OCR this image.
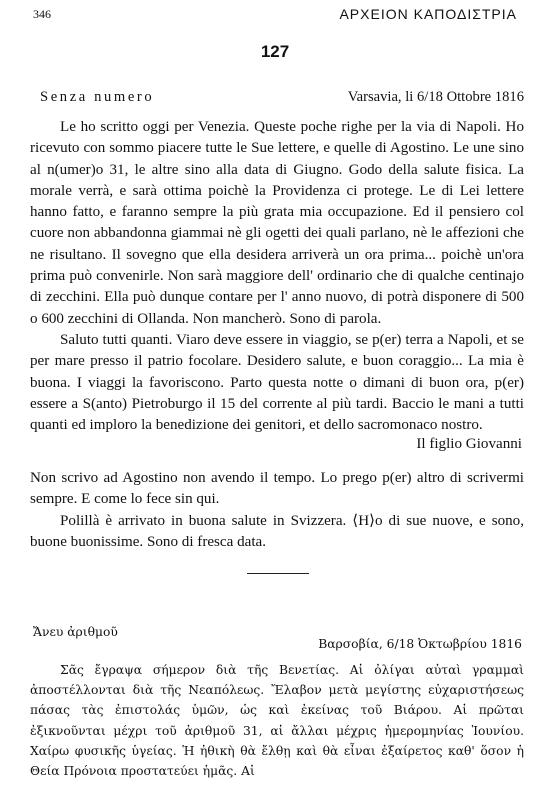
346	ΑΡΧΕΙΟΝ ΚΑΠΟΔΙΣΤΡΙΑ
127
Senza numero	Varsavia, li 6/18 Ottobre 1816

Le ho scritto oggi per Venezia. Queste poche righe per la via di Napoli. Ho ricevuto con sommo piacere tutte le Sue lettere, e quelle di Agostino. Le une sino al n(umer)o 31, le altre sino alla data di Giugno. Godo della salute fisica. La morale verrà, e sarà ottima poichè la Providenza ci protege. Le di Lei lettere hanno fatto, e faranno sempre la più grata mia occupazione. Ed il pensiero col cuore non abbandonna giammai nè gli ogetti dei quali parlano, nè le affezioni che ne risultano. Il sovegno que ella desidera arriverà un ora prima... poichè un'ora prima può convenirle. Non sarà maggiore dell' ordinario che di qualche centinajo di zecchini. Ella può dunque contare per l' anno nuovo, di potrà disponere di 500 o 600 zecchini di Ollanda. Non mancherò. Sono di parola.

Saluto tutti quanti. Viaro deve essere in viaggio, se p(er) terra a Napoli, et se per mare presso il patrio focolare. Desidero salute, e buon coraggio... La mia è buona. I viaggi la favoriscono. Parto questa notte o dimani di buon ora, p(er) essere a S(anto) Pietroburgo il 15 del corrente al più tardi. Baccio le mani a tutti quanti ed imploro la benedizione dei genitori, et dello sacromonaco nostro.

Il figlio Giovanni

Non scrivo ad Agostino non avendo il tempo. Lo prego p(er) altro di scrivermi sempre. E come lo fece sin qui.

Polillà è arrivato in buona salute in Svizzera. ⟨H⟩o di sue nuove, e sono, buone buonissime. Sono di fresca data.

Ἄνευ ἀριθμοῦ
Βαρσοβία, 6/18 Ὀκτωβρίου 1816

Σᾶς ἔγραψα σήμερον διὰ τῆς Βενετίας. Αἱ ὀλίγαι αὐταὶ γραμμαὶ ἀποστέλλονται διὰ τῆς Νεαπόλεως. Ἔλαβον μετὰ μεγίστης εὐχαριστήσεως πάσας τὰς ἐπιστολάς ὑμῶν, ὡς καὶ ἐκείνας τοῦ Βιάρου. Αἱ πρῶται ἐξικνοῦνται μέχρι τοῦ ἀριθμοῦ 31, αἱ ἄλλαι μέχρις ἡμερομηνίας Ἰουνίου. Χαίρω φυσικῆς ὑγείας. Ἡ ἠθικὴ θὰ ἔλθῃ καὶ θὰ εἶναι ἐξαίρετος καθ' ὅσον ἡ Θεία Πρόνοια προστατεύει ἡμᾶς. Αἱ
